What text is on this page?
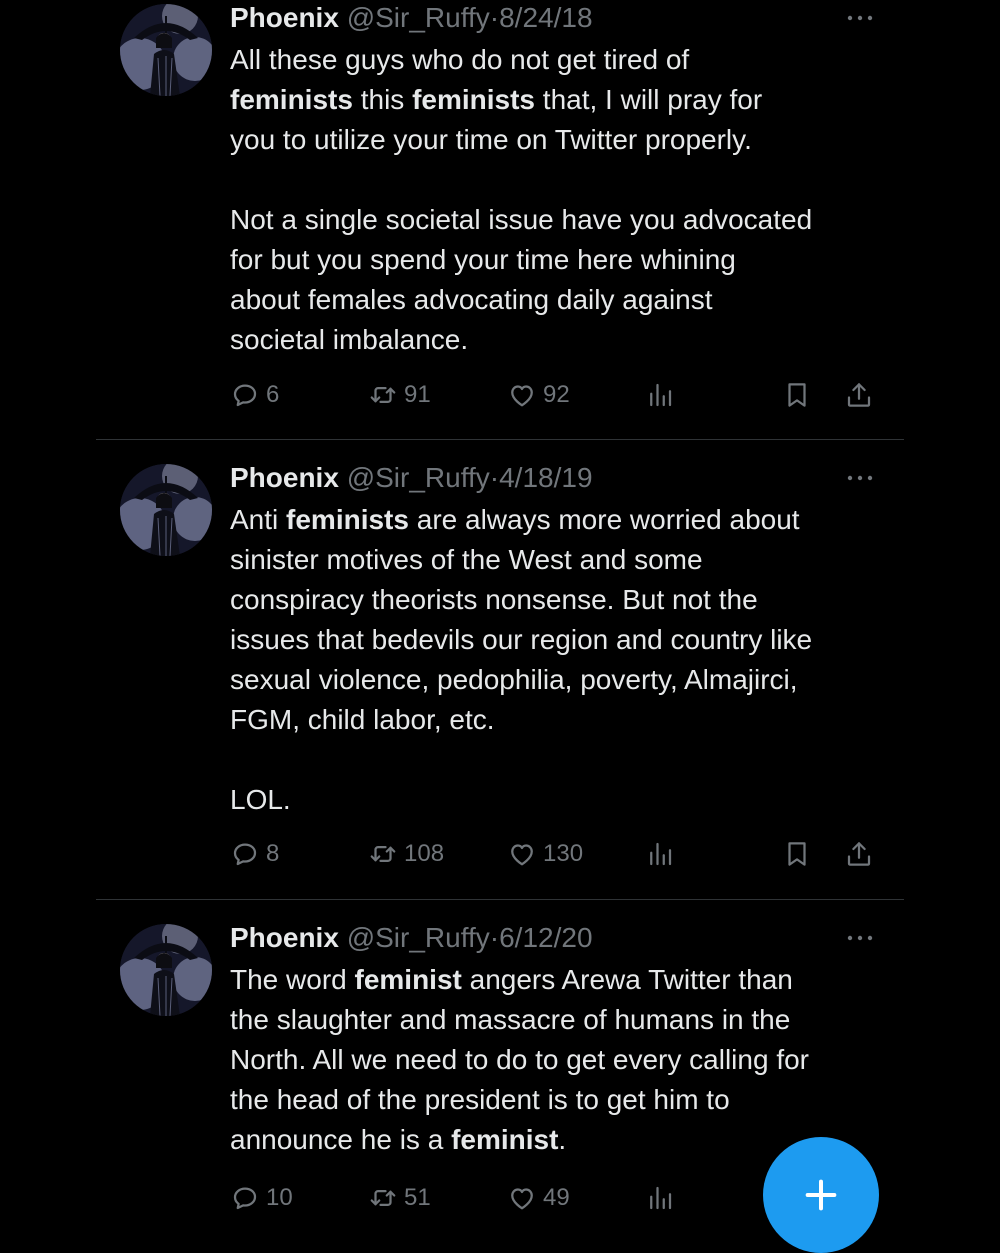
Phoenix @Sir_Ruffy·8/24/18

All these guys who do not get tired of

feminists this feminists that, I will pray for

you to utilize your time on Twitter properly.

Not a single societal issue have you advocated

for but you spend your time here whining

about females advocating daily against

societal imbalance.

6	91	92
Phoenix @Sir_Ruffy·4/18/19

Anti feminists are always more worried about

sinister motives of the West and some

conspiracy theorists nonsense. But not the

issues that bedevils our region and country like

sexual violence, pedophilia, poverty, Almajirci,

FGM, child labor, etc.

LOL.

8	108	130
Phoenix @Sir_Ruffy·6/12/20

The word feminist angers Arewa Twitter than

the slaughter and massacre of humans in the

North. All we need to do to get every calling for

the head of the president is to get him to

announce he is a feminist.

10	51	49
